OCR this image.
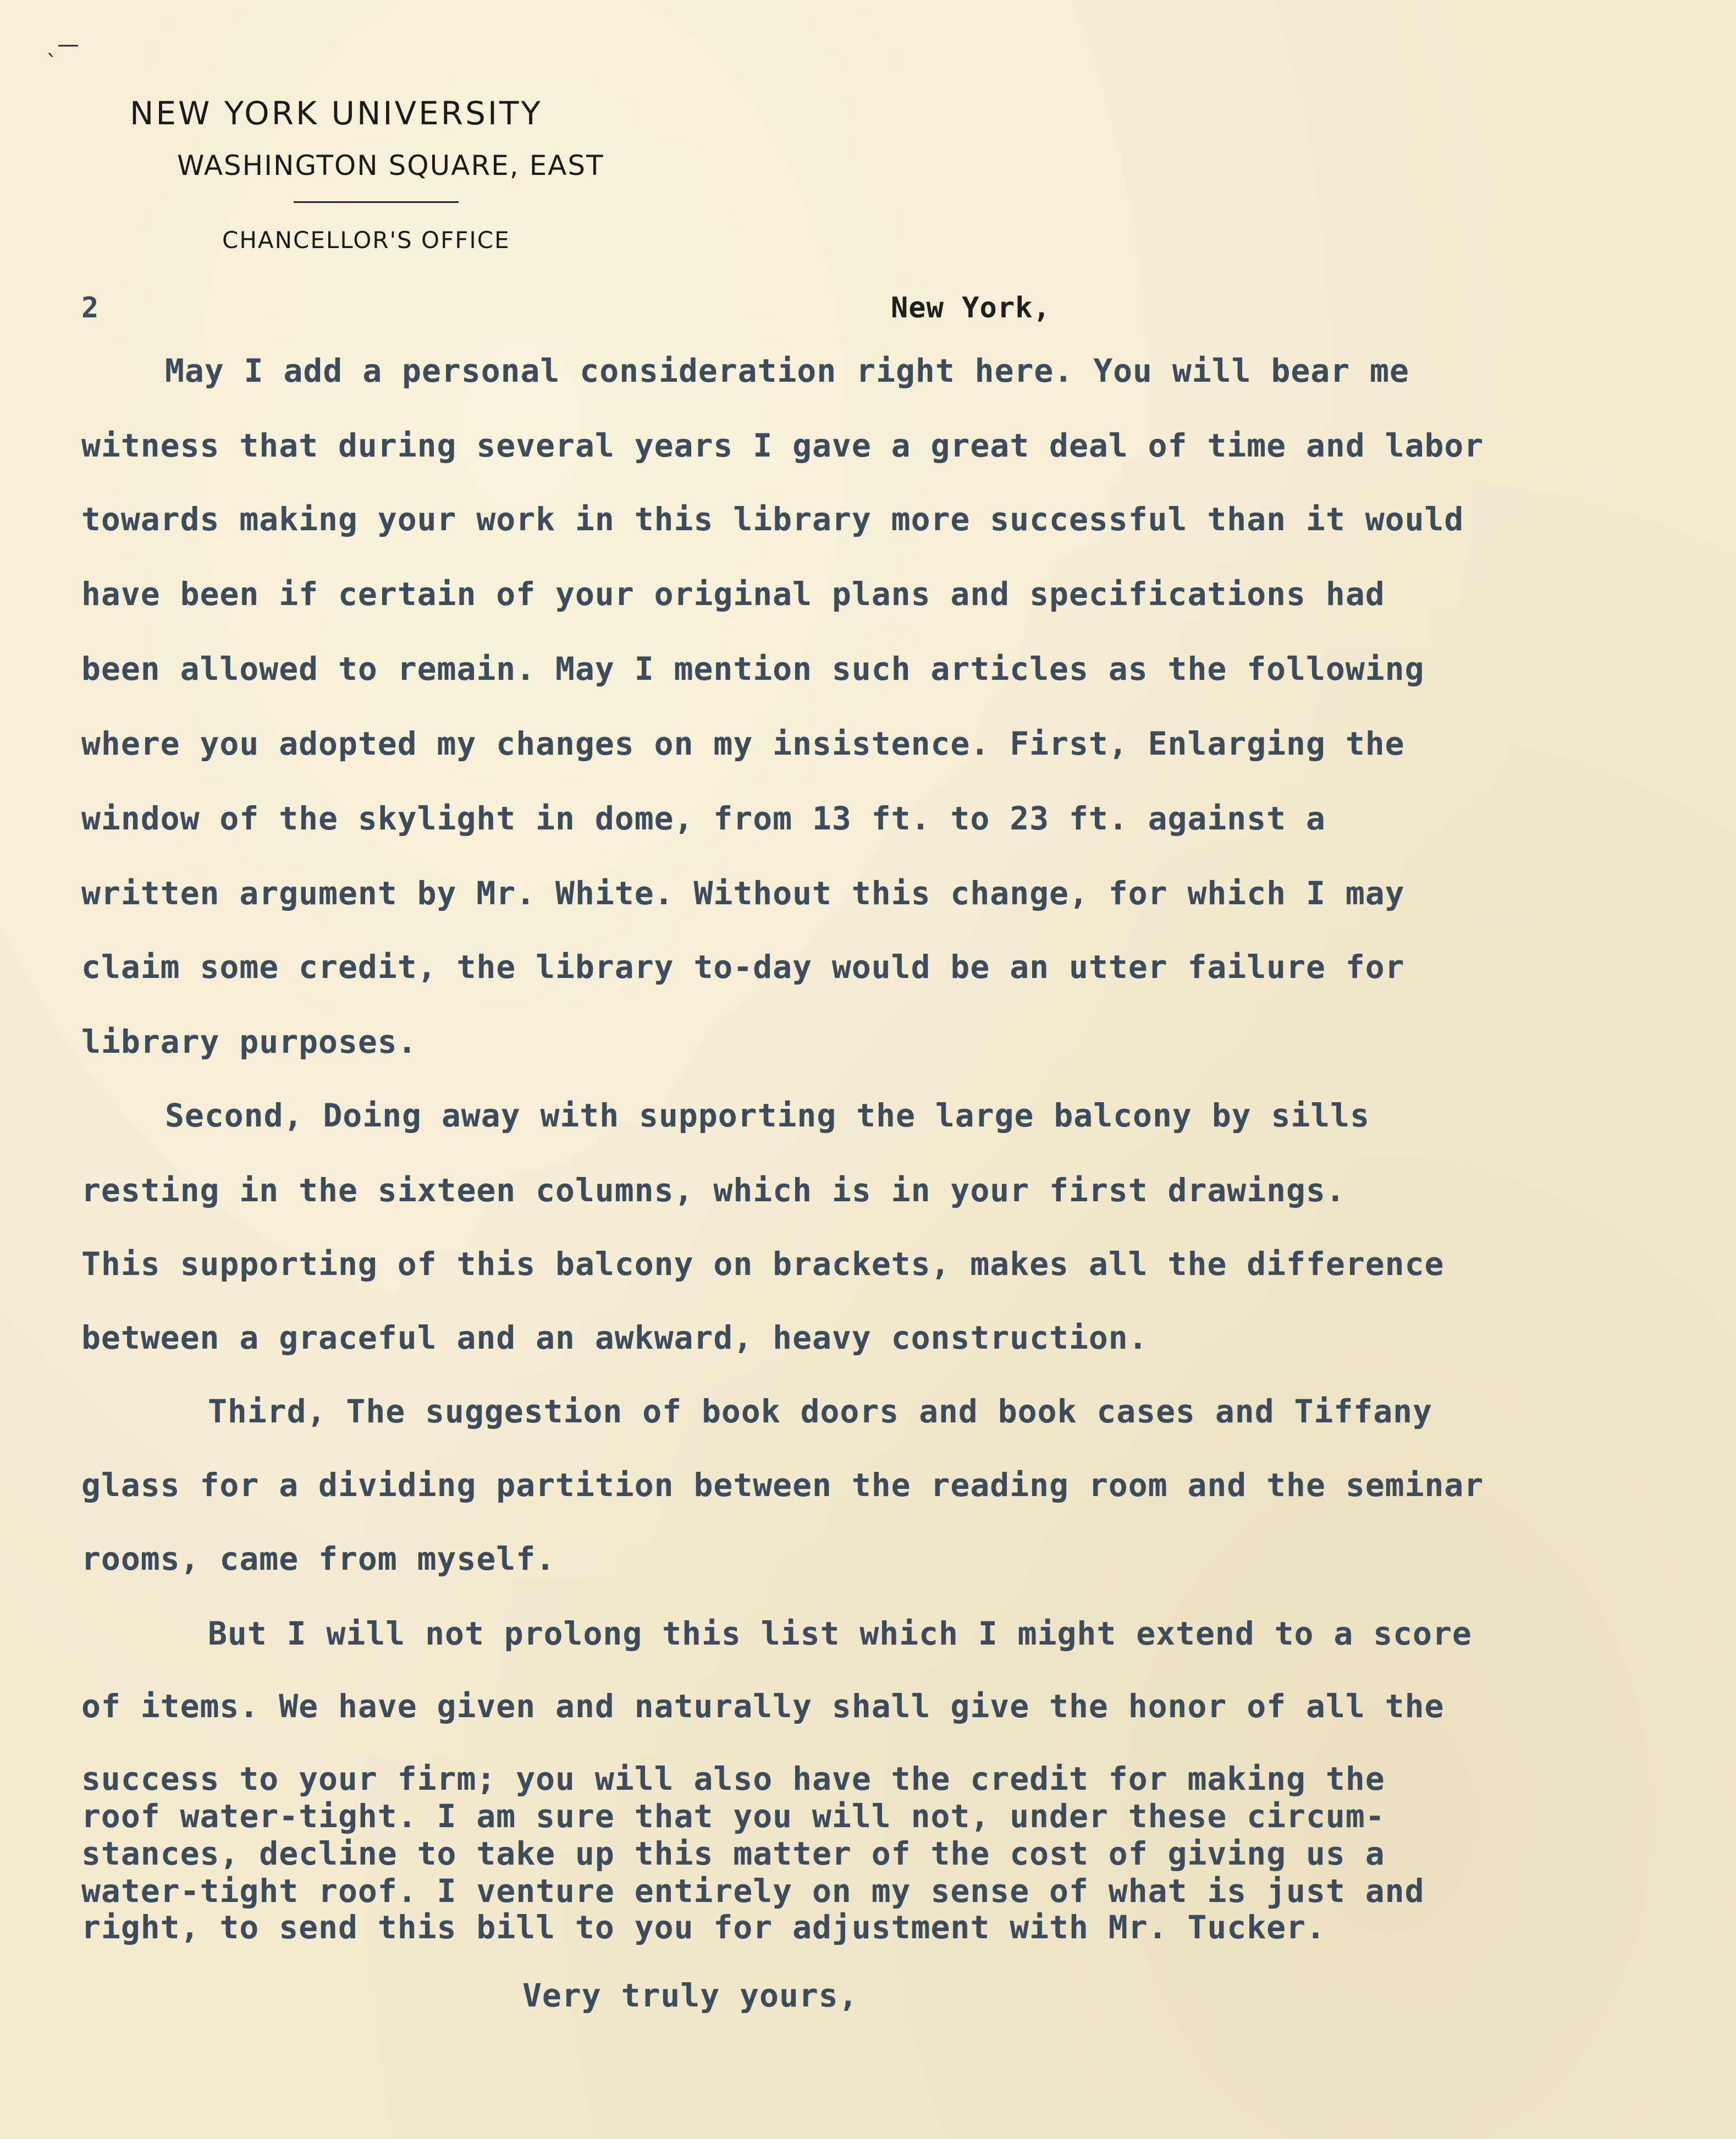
ˎ—
NEW YORK UNIVERSITY
WASHINGTON SQUARE, EAST
CHANCELLOR'S OFFICE
2	New York,
May I add a personal consideration right here. You will bear me
witness that during several years I gave a great deal of time and labor
towards making your work in this library more successful than it would
have been if certain of your original plans and specifications had
been allowed to remain. May I mention such articles as the following
where you adopted my changes on my insistence. First, Enlarging the
window of the skylight in dome, from 13 ft. to 23 ft. against a
written argument by Mr. White. Without this change, for which I may
claim some credit, the library to-day would be an utter failure for
library purposes.
Second, Doing away with supporting the large balcony by sills
resting in the sixteen columns, which is in your first drawings.
This supporting of this balcony on brackets, makes all the difference
between a graceful and an awkward, heavy construction.
Third, The suggestion of book doors and book cases and Tiffany
glass for a dividing partition between the reading room and the seminar
rooms, came from myself.
But I will not prolong this list which I might extend to a score
of items. We have given and naturally shall give the honor of all the
success to your firm; you will also have the credit for making the
roof water-tight. I am sure that you will not, under these circum-
stances, decline to take up this matter of the cost of giving us a
water-tight roof. I venture entirely on my sense of what is just and
right, to send this bill to you for adjustment with Mr. Tucker.
Very truly yours,
